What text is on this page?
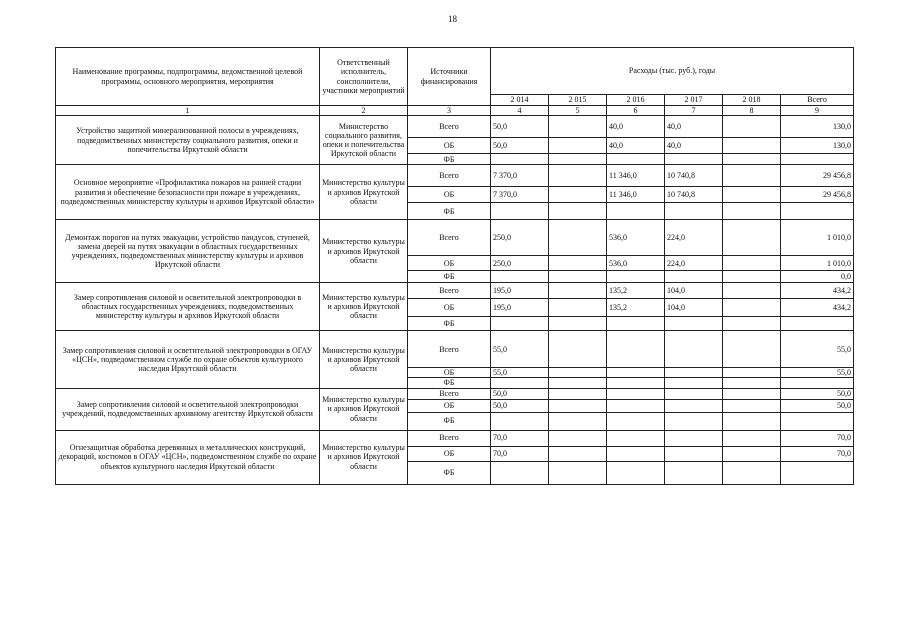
18
Наименование программы, подпрограммы, ведомственной целевой программы, основного мероприятия, мероприятия	Ответственный исполнитель, соисполнители, участники мероприятий	Источники финансирования	Расходы (тыс. руб.), годы					
			2 014	2 015	2 016	2 017	2 018	Всего
1	2	3	4	5	6	7	8	9
Устройство защитной минерализованной полосы в учреждениях, подведомственных министерству социального развития, опеки и попечительства Иркутской области	Министерство социального развития, опеки и попечительства Иркутской области	Всего	50,0		40,0	40,0		130,0
		ОБ	50,0		40,0	40,0		130,0
		ФБ						
Основное мероприятие «Профилактика пожаров на ранней стадии развития и обеспечение безопасности при пожаре в учреждениях, подведомственных министерству культуры и архивов Иркутской области»	Министерство культуры и архивов Иркутской области	Всего	7 370,0		11 346,0	10 740,8		29 456,8
		ОБ	7 370,0		11 346,0	10 740,8		29 456,8
		ФБ						
Демонтаж порогов на путях эвакуации, устройство пандусов, ступеней, замена дверей на путях эвакуации в областных государственных учреждениях, подведомственных министерству культуры и архивов Иркутской области	Министерство культуры и архивов Иркутской области	Всего	250,0		536,0	224,0		1 010,0
		ОБ	250,0		536,0	224,0		1 010,0
		ФБ						0,0
Замер сопротивления силовой и осветительной электропроводки в областных государственных учреждениях, подведомственных министерству культуры и архивов Иркутской области	Министерство культуры и архивов Иркутской области	Всего	195,0		135,2	104,0		434,2
		ОБ	195,0		135,2	104,0		434,2
		ФБ						
Замер сопротивления силовой и осветительной электропроводки в ОГАУ «ЦСН», подведомственном службе по охране объектов культурного наследия Иркутской области	Министерство культуры и архивов Иркутской области	Всего	55,0					55,0
		ОБ	55,0					55,0
		ФБ						
Замер сопротивления силовой и осветительной электропроводки учреждений, подведомственных архивному агентству Иркутской области	Министерство культуры и архивов Иркутской области	Всего	50,0					50,0
		ОБ	50,0					50,0
		ФБ						
Огнезащитная обработка деревянных и металлических конструкций, декораций, костюмов в ОГАУ «ЦСН», подведомственном службе по охране объектов культурного наследия Иркутской области	Министерство культуры и архивов Иркутской области	Всего	70,0					70,0
		ОБ	70,0					70,0
		ФБ						
